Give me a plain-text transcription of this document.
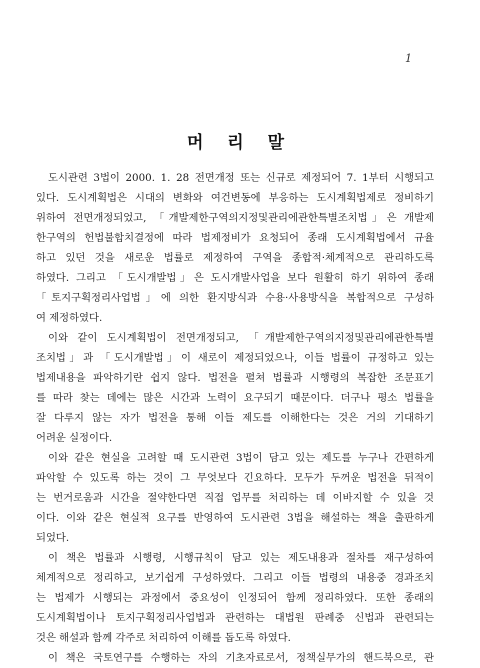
1
머 리 말
도시관련 3법이 2000. 1. 28 전면개정 또는 신규로 제정되어 7. 1부터 시행되고
있다. 도시계획법은 시대의 변화와 여건변동에 부응하는 도시계획법제로 정비하기
위하여 전면개정되었고, 「개발제한구역의지정및관리에관한특별조치법」은 개발제
한구역의 헌법불합치결정에 따라 법제정비가 요청되어 종래 도시계획법에서 규율
하고 있던 것을 새로운 법률로 제정하여 구역을 종합적·체계적으로 관리하도록
하였다. 그리고 「도시개발법」은 도시개발사업을 보다 원활히 하기 위하여 종래
「토지구획정리사업법」에 의한 환지방식과 수용·사용방식을 복합적으로 구성하
여 제정하였다.
이와 같이 도시계획법이 전면개정되고, 「개발제한구역의지정및관리에관한특별
조치법」과 「도시개발법」이 새로이 제정되었으나, 이들 법률이 규정하고 있는
법제내용을 파악하기란 쉽지 않다. 법전을 펼쳐 법률과 시행령의 복잡한 조문표기
를 따라 찾는 데에는 많은 시간과 노력이 요구되기 때문이다. 더구나 평소 법률을
잘 다루지 않는 자가 법전을 통해 이들 제도를 이해한다는 것은 거의 기대하기
어려운 실정이다.
이와 같은 현실을 고려할 때 도시관련 3법이 담고 있는 제도를 누구나 간편하게
파악할 수 있도록 하는 것이 그 무엇보다 긴요하다. 모두가 두꺼운 법전을 뒤적이
는 번거로움과 시간을 절약한다면 직접 업무를 처리하는 데 이바지할 수 있을 것
이다. 이와 같은 현실적 요구를 반영하여 도시관련 3법을 해설하는 책을 출판하게
되었다.
이 책은 법률과 시행령, 시행규칙이 담고 있는 제도내용과 절차를 재구성하여
체계적으로 정리하고, 보기쉽게 구성하였다. 그리고 이들 법령의 내용중 경과조치
는 법제가 시행되는 과정에서 중요성이 인정되어 함께 정리하였다. 또한 종래의
도시계획법이나 토지구획정리사업법과 관련하는 대법원 판례중 신법과 관련되는
것은 해설과 함께 각주로 처리하여 이해를 돕도록 하였다.
이 책은 국토연구를 수행하는 자의 기초자료로서, 정책실무가의 핸드북으로, 관
